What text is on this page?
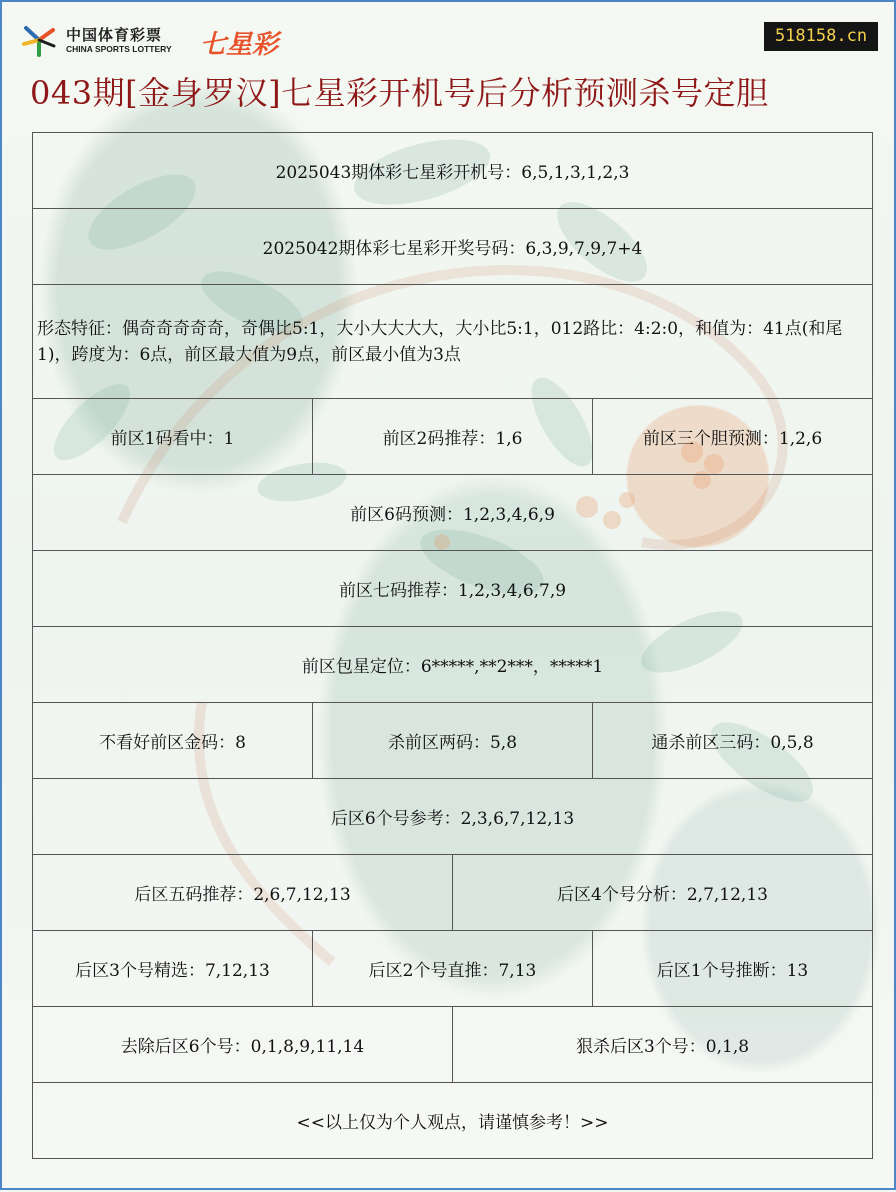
中国体育彩票
CHINA SPORTS LOTTERY 七星彩	518158.cn
043期[金身罗汉]七星彩开机号后分析预测杀号定胆
2025043期体彩七星彩开机号：6,5,1,3,1,2,3			
2025042期体彩七星彩开奖号码：6,3,9,7,9,7+4			
形态特征：偶奇奇奇奇奇，奇偶比5:1，大小大大大大，大小比5:1，012路比：4:2:0，和值为：41点(和尾1)，跨度为：6点，前区最大值为9点，前区最小值为3点			
前区1码看中：1	前区2码推荐：1,6		前区三个胆预测：1,2,6
前区6码预测：1,2,3,4,6,9			
前区七码推荐：1,2,3,4,6,7,9			
前区包星定位：6*****,**2***，*****1			
不看好前区金码：8	杀前区两码：5,8		通杀前区三码：0,5,8
后区6个号参考：2,3,6,7,12,13			
后区五码推荐：2,6,7,12,13		后区4个号分析：2,7,12,13	
后区3个号精选：7,12,13	后区2个号直推：7,13		后区1个号推断：13
去除后区6个号：0,1,8,9,11,14		狠杀后区3个号：0,1,8	
<<以上仅为个人观点，请谨慎参考！>>			
